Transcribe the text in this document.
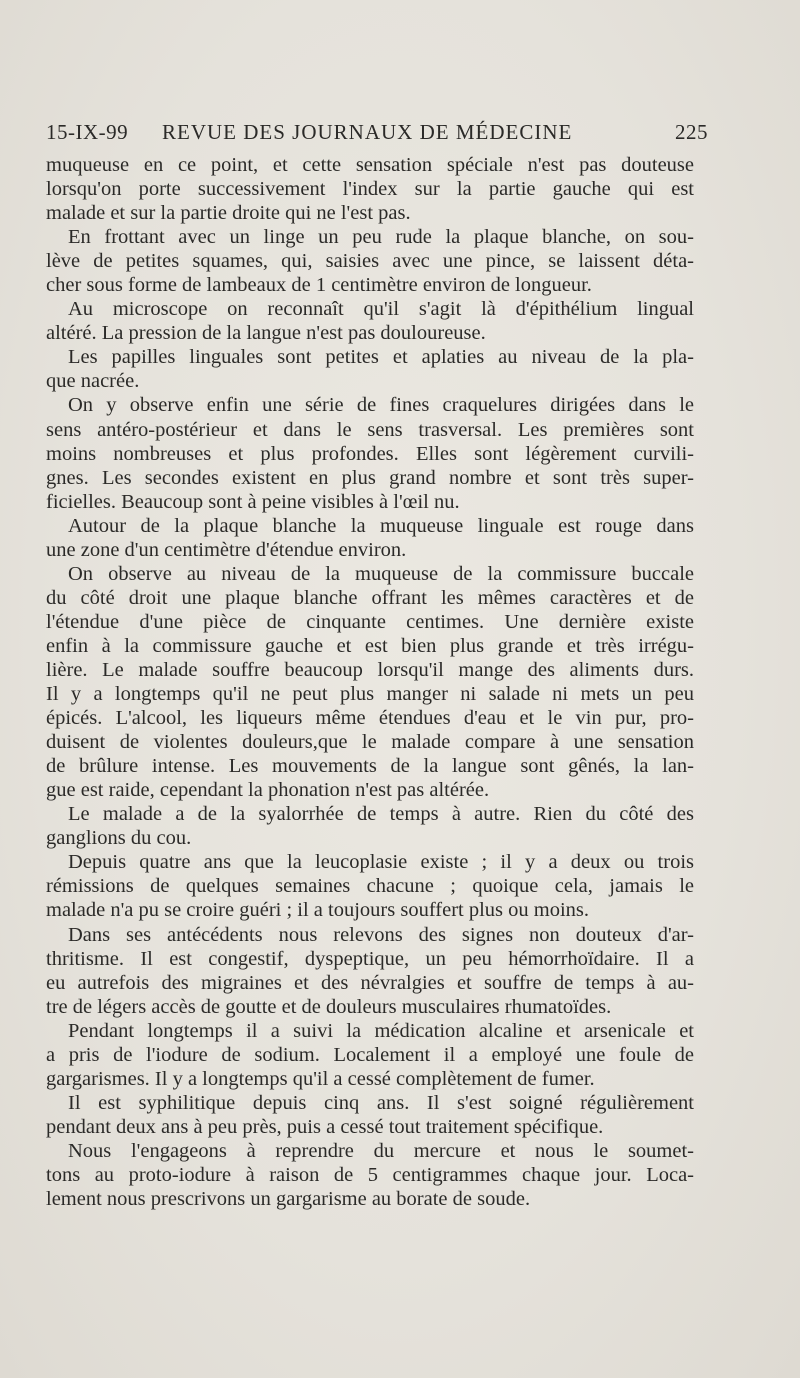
15-IX-99 REVUE DES JOURNAUX DE MÉDECINE	225
muqueuse en ce point, et cette sensation spéciale n'est pas douteuse
lorsqu'on porte successivement l'index sur la partie gauche qui est
malade et sur la partie droite qui ne l'est pas.
En frottant avec un linge un peu rude la plaque blanche, on sou-
lève de petites squames, qui, saisies avec une pince, se laissent déta-
cher sous forme de lambeaux de 1 centimètre environ de longueur.
Au microscope on reconnaît qu'il s'agit là d'épithélium lingual
altéré. La pression de la langue n'est pas douloureuse.
Les papilles linguales sont petites et aplaties au niveau de la pla-
que nacrée.
On y observe enfin une série de fines craquelures dirigées dans le
sens antéro-postérieur et dans le sens trasversal. Les premières sont
moins nombreuses et plus profondes. Elles sont légèrement curvili-
gnes. Les secondes existent en plus grand nombre et sont très super-
ficielles. Beaucoup sont à peine visibles à l'œil nu.
Autour de la plaque blanche la muqueuse linguale est rouge dans
une zone d'un centimètre d'étendue environ.
On observe au niveau de la muqueuse de la commissure buccale
du côté droit une plaque blanche offrant les mêmes caractères et de
l'étendue d'une pièce de cinquante centimes. Une dernière existe
enfin à la commissure gauche et est bien plus grande et très irrégu-
lière. Le malade souffre beaucoup lorsqu'il mange des aliments durs.
Il y a longtemps qu'il ne peut plus manger ni salade ni mets un peu
épicés. L'alcool, les liqueurs même étendues d'eau et le vin pur, pro-
duisent de violentes douleurs,que le malade compare à une sensation
de brûlure intense. Les mouvements de la langue sont gênés, la lan-
gue est raide, cependant la phonation n'est pas altérée.
Le malade a de la syalorrhée de temps à autre. Rien du côté des
ganglions du cou.
Depuis quatre ans que la leucoplasie existe ; il y a deux ou trois
rémissions de quelques semaines chacune ; quoique cela, jamais le
malade n'a pu se croire guéri ; il a toujours souffert plus ou moins.
Dans ses antécédents nous relevons des signes non douteux d'ar-
thritisme. Il est congestif, dyspeptique, un peu hémorrhoïdaire. Il a
eu autrefois des migraines et des névralgies et souffre de temps à au-
tre de légers accès de goutte et de douleurs musculaires rhumatoïdes.
Pendant longtemps il a suivi la médication alcaline et arsenicale et
a pris de l'iodure de sodium. Localement il a employé une foule de
gargarismes. Il y a longtemps qu'il a cessé complètement de fumer.
Il est syphilitique depuis cinq ans. Il s'est soigné régulièrement
pendant deux ans à peu près, puis a cessé tout traitement spécifique.
Nous l'engageons à reprendre du mercure et nous le soumet-
tons au proto-iodure à raison de 5 centigrammes chaque jour. Loca-
lement nous prescrivons un gargarisme au borate de soude.
